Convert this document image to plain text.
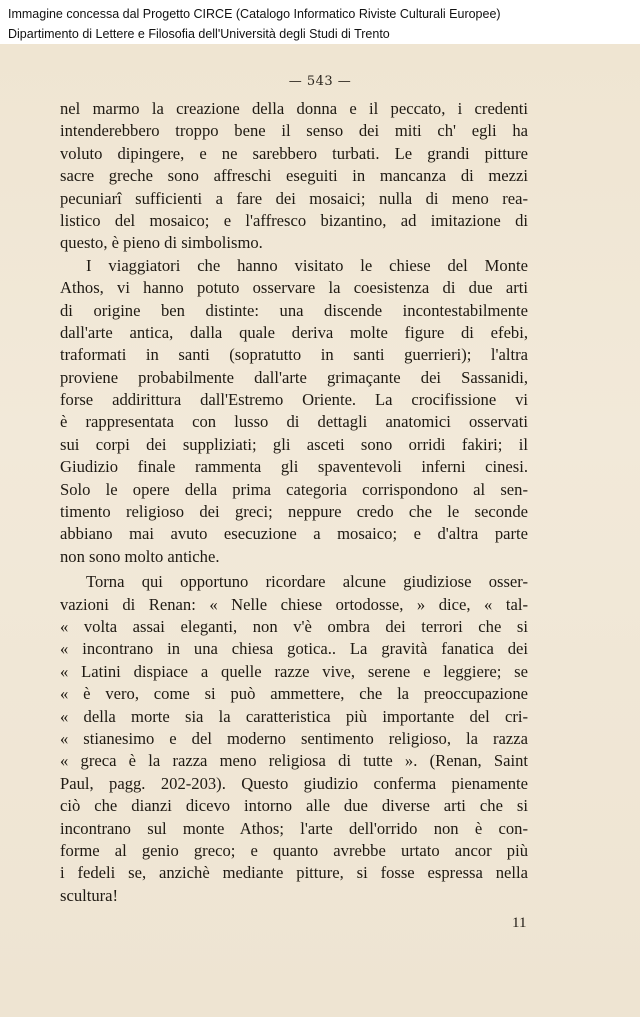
Immagine concessa dal Progetto CIRCE (Catalogo Informatico Riviste Culturali Europee)
Dipartimento di Lettere e Filosofia dell'Università degli Studi di Trento
— 543 —
nel marmo la creazione della donna e il peccato, i credenti
intenderebbero troppo bene il senso dei miti ch' egli ha
voluto dipingere, e ne sarebbero turbati. Le grandi pitture
sacre greche sono affreschi eseguiti in mancanza di mezzi
pecuniarî sufficienti a fare dei mosaici; nulla di meno rea-
listico del mosaico; e l'affresco bizantino, ad imitazione di
questo, è pieno di simbolismo.
I viaggiatori che hanno visitato le chiese del Monte
Athos, vi hanno potuto osservare la coesistenza di due arti
di origine ben distinte: una discende incontestabilmente
dall'arte antica, dalla quale deriva molte figure di efebi,
traformati in santi (sopratutto in santi guerrieri); l'altra
proviene probabilmente dall'arte grimaçante dei Sassanidi,
forse addirittura dall'Estremo Oriente. La crocifissione vi
è rappresentata con lusso di dettagli anatomici osservati
sui corpi dei suppliziati; gli asceti sono orridi fakiri; il
Giudizio finale rammenta gli spaventevoli inferni cinesi.
Solo le opere della prima categoria corrispondono al sen-
timento religioso dei greci; neppure credo che le seconde
abbiano mai avuto esecuzione a mosaico; e d'altra parte
non sono molto antiche.
Torna qui opportuno ricordare alcune giudiziose osser-
vazioni di Renan: « Nelle chiese ortodosse, » dice, « tal-
« volta assai eleganti, non v'è ombra dei terrori che si
« incontrano in una chiesa gotica.. La gravità fanatica dei
« Latini dispiace a quelle razze vive, serene e leggiere; se
« è vero, come si può ammettere, che la preoccupazione
« della morte sia la caratteristica più importante del cri-
« stianesimo e del moderno sentimento religioso, la razza
« greca è la razza meno religiosa di tutte ». (Renan, Saint
Paul, pagg. 202-203). Questo giudizio conferma pienamente
ciò che dianzi dicevo intorno alle due diverse arti che si
incontrano sul monte Athos; l'arte dell'orrido non è con-
forme al genio greco; e quanto avrebbe urtato ancor più
i fedeli se, anzichè mediante pitture, si fosse espressa nella
scultura!
11
